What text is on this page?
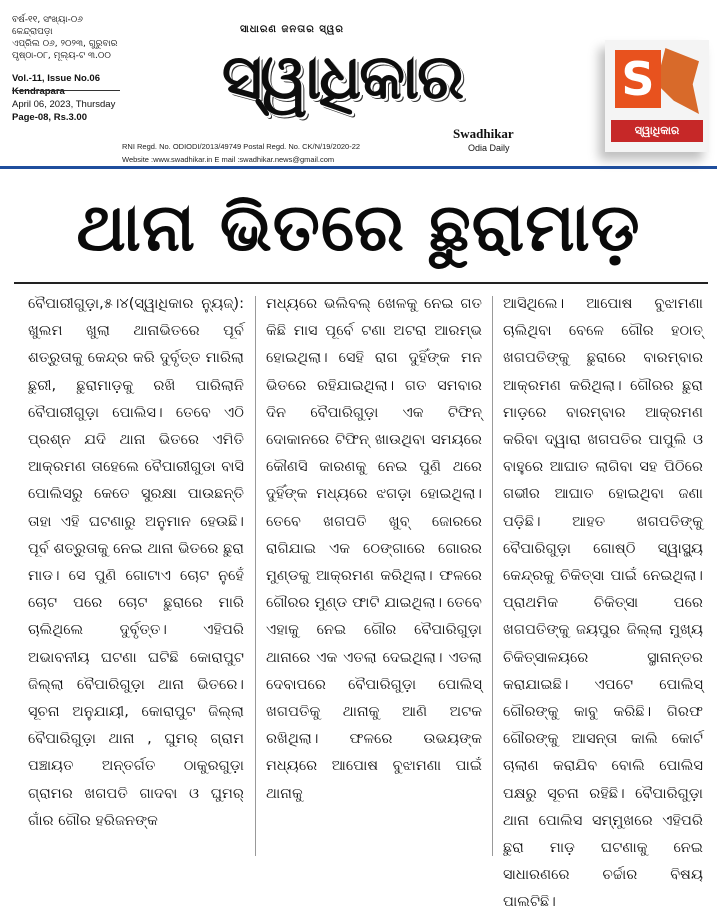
ବର୍ଷ-୧୧, ସଂଖ୍ୟା-୦୬
କେନ୍ଦ୍ରାପଡ଼ା
ଏପ୍ରିଲ ୦୬, ୨୦୨୩, ଗୁରୁବାର
ପୃଷ୍ଠା-୦୮, ମୂଲ୍ୟ-ଟ ୩.୦୦
Vol.-11, Issue No.06
Kendrapara
April 06, 2023, Thursday
Page-08, Rs.3.00
ସାଧାରଣ ଜନତାର ସ୍ୱର
ସ୍ୱାଧିକାର
Swadhikar
Odia Daily
RNI Regd. No. ODIODI/2013/49749 Postal Regd. No. CK/N/19/2020-22
Website :www.swadhikar.in E mail :swadhikar.news@gmail.com
S
ସ୍ୱାଧିକାର
ଥାନା ଭିତରେ ଛୁରାମାଡ଼

ବୈପାରୀଗୁଡ଼ା,୫।୪(ସ୍ୱାଧିକାର ନ୍ୟୁଜ୍): ଖୁଲମ ଖୁଲା ଥାନାଭିତରେ ପୂର୍ବ ଶତ୍ରୁତାକୁ କେନ୍ଦ୍ର କରି ଦୁର୍ବୃତ୍ତ ମାରିଲା ଛୁରୀ, ଛୁରାମାଡ଼କୁ ରଖି ପାରିଲାନି ବୈପାରୀଗୁଡ଼ା ପୋଲିସ। ତେବେ ଏଠି ପ୍ରଶ୍ନ ଯଦି ଥାନା ଭିତରେ ଏମିତି ଆକ୍ରମଣ ତାହେଲେ ବୈପାରୀଗୁଡା ବାସି ପୋଲିସରୁ କେତେ ସୁରକ୍ଷା ପାଉଛନ୍ତି ତାହା ଏହି ଘଟଣାରୁ ଅନୁମାନ ହେଉଛି। ପୂର୍ବ ଶତ୍ରୁତାକୁ ନେଇ ଥାନା ଭିତରେ ଛୁରା ମାଡ। ସେ ପୁଣି ଗୋଟାଏ ଚୋଟ ନୁହେଁ ଚୋଟ ପରେ ଚୋଟ ଛୁରାରେ ମାରି ଚାଲିଥିଲେ ଦୁର୍ବୃତ୍ତ। ଏହିପରି ଅଭାବନୀୟ ଘଟଣା ଘଟିଛି କୋରାପୁଟ ଜିଲ୍ଲା ବୈପାରିଗୁଡ଼ା ଥାନା ଭିତରେ। ସୂଚନା ଅନୁଯାୟୀ, କୋରାପୁଟ ଜିଲ୍ଲା ବୈପାରିଗୁଡ଼ା ଥାନା , ଘୁମର୍ ଗ୍ରାମ ପଞ୍ଚାୟତ ଅନ୍ତର୍ଗତ ଠାକୁରଗୁଡ଼ା ଗ୍ରାମର ଖଗପତି ଗାଦବା ଓ ଘୁମର୍ ଗାଁର ଗୌର ହରିଜନଙ୍କ

ମଧ୍ୟରେ ଭଲିବଲ୍ ଖେଳକୁ ନେଇ ଗତ କିଛି ମାସ ପୂର୍ବେ ଟଣା ଅଟରା ଆରମ୍ଭ ହୋଇଥିଲା। ସେହି ରାଗ ଦୁହିଁଙ୍କ ମନ ଭିତରେ ରହିଯାଇଥିଲା। ଗତ ସମବାର ଦିନ ବୈପାରିଗୁଡ଼ା ଏକ ଟିଫିନ୍ ଦୋକାନରେ ଟିଫିନ୍ ଖାଉଥିବା ସମୟରେ କୌଣସି କାରଣକୁ ନେଇ ପୁଣି ଥରେ ଦୁହିଁଙ୍କ ମଧ୍ୟରେ ଝଗଡ଼ା ହୋଇଥିଲା। ତେବେ ଖଗପତି ଖୁବ୍ ଜୋରରେ ରାଗିଯାଇ ଏକ ଠେଙ୍ଗାରେ ଗୋରର ମୁଣ୍ଡକୁ ଆକ୍ରମଣ କରିଥିଲା। ଫଳରେ ଗୌରର ମୁଣ୍ଡ ଫାଟି ଯାଇଥିଲା। ତେବେ ଏହାକୁ ନେଇ ଗୌର ବୈପାରିଗୁଡ଼ା ଥାନାରେ ଏକ ଏତଲା ଦେଇଥିଲା। ଏତଲା ଦେବାପରେ ବୈପାରିଗୁଡ଼ା ପୋଲିସ୍ ଖଗପତିକୁ ଥାନାକୁ ଆଣି ଅଟକ ରଖିଥିଲା। ଫଳରେ ଉଭୟଙ୍କ ମଧ୍ୟରେ ଆପୋଷ ବୁଝାମଣା ପାଇଁ ଥାନାକୁ

ଆସିଥିଲେ। ଆପୋଷ ବୁଝାମଣା ଚାଲିଥିବା ବେଳେ ଗୌର ହଠାତ୍ ଖଗପତିଙ୍କୁ ଛୁରାରେ ବାରମ୍ବାର ଆକ୍ରମଣ କରିଥିଲା। ଗୌରର ଛୁରା ମାଡ଼ରେ ବାରମ୍ବାର ଆକ୍ରମଣ କରିବା ଦ୍ୱାରା ଖଗପତିର ପାପୁଲି ଓ ବାହୁରେ ଆଘାତ ଲାଗିବା ସହ ପିଠିରେ ଗଭୀର ଆଘାତ ହୋଇଥିବା ଜଣା ପଡ଼ିଛି। ଆହତ ଖଗପତିଙ୍କୁ ବୈପାରିଗୁଡ଼ା ଗୋଷ୍ଠି ସ୍ୱାସ୍ଥ୍ୟ କେନ୍ଦ୍ରକୁ ଚିକିତ୍ସା ପାଇଁ ନେଇଥିଲା। ପ୍ରାଥମିକ ଚିକିତ୍ସା ପରେ ଖଗପତିଙ୍କୁ ଜୟପୁର ଜିଲ୍ଲା ମୁଖ୍ୟ ଚିକିତ୍ସାଳୟରେ ସ୍ଥାନାନ୍ତର କରାଯାଇଛି। ଏପଟେ ପୋଲିସ୍ ଗୌରଙ୍କୁ କାବୁ କରିଛି। ଗିରଫ ଗୌରଙ୍କୁ ଆସନ୍ତା କାଲି କୋର୍ଟ ଚାଲାଣ କରାଯିବ ବୋଲି ପୋଲିସ ପକ୍ଷରୁ ସୂଚନା ରହିଛି। ବୈପାରିଗୁଡ଼ା ଥାନା ପୋଲିସ ସମ୍ମୁଖରେ ଏହିପରି ଛୁରା ମାଡ଼ ଘଟଣାକୁ ନେଇ ସାଧାରଣରେ ଚର୍ଚ୍ଚାର ବିଷୟ ପାଲଟିଛି।
